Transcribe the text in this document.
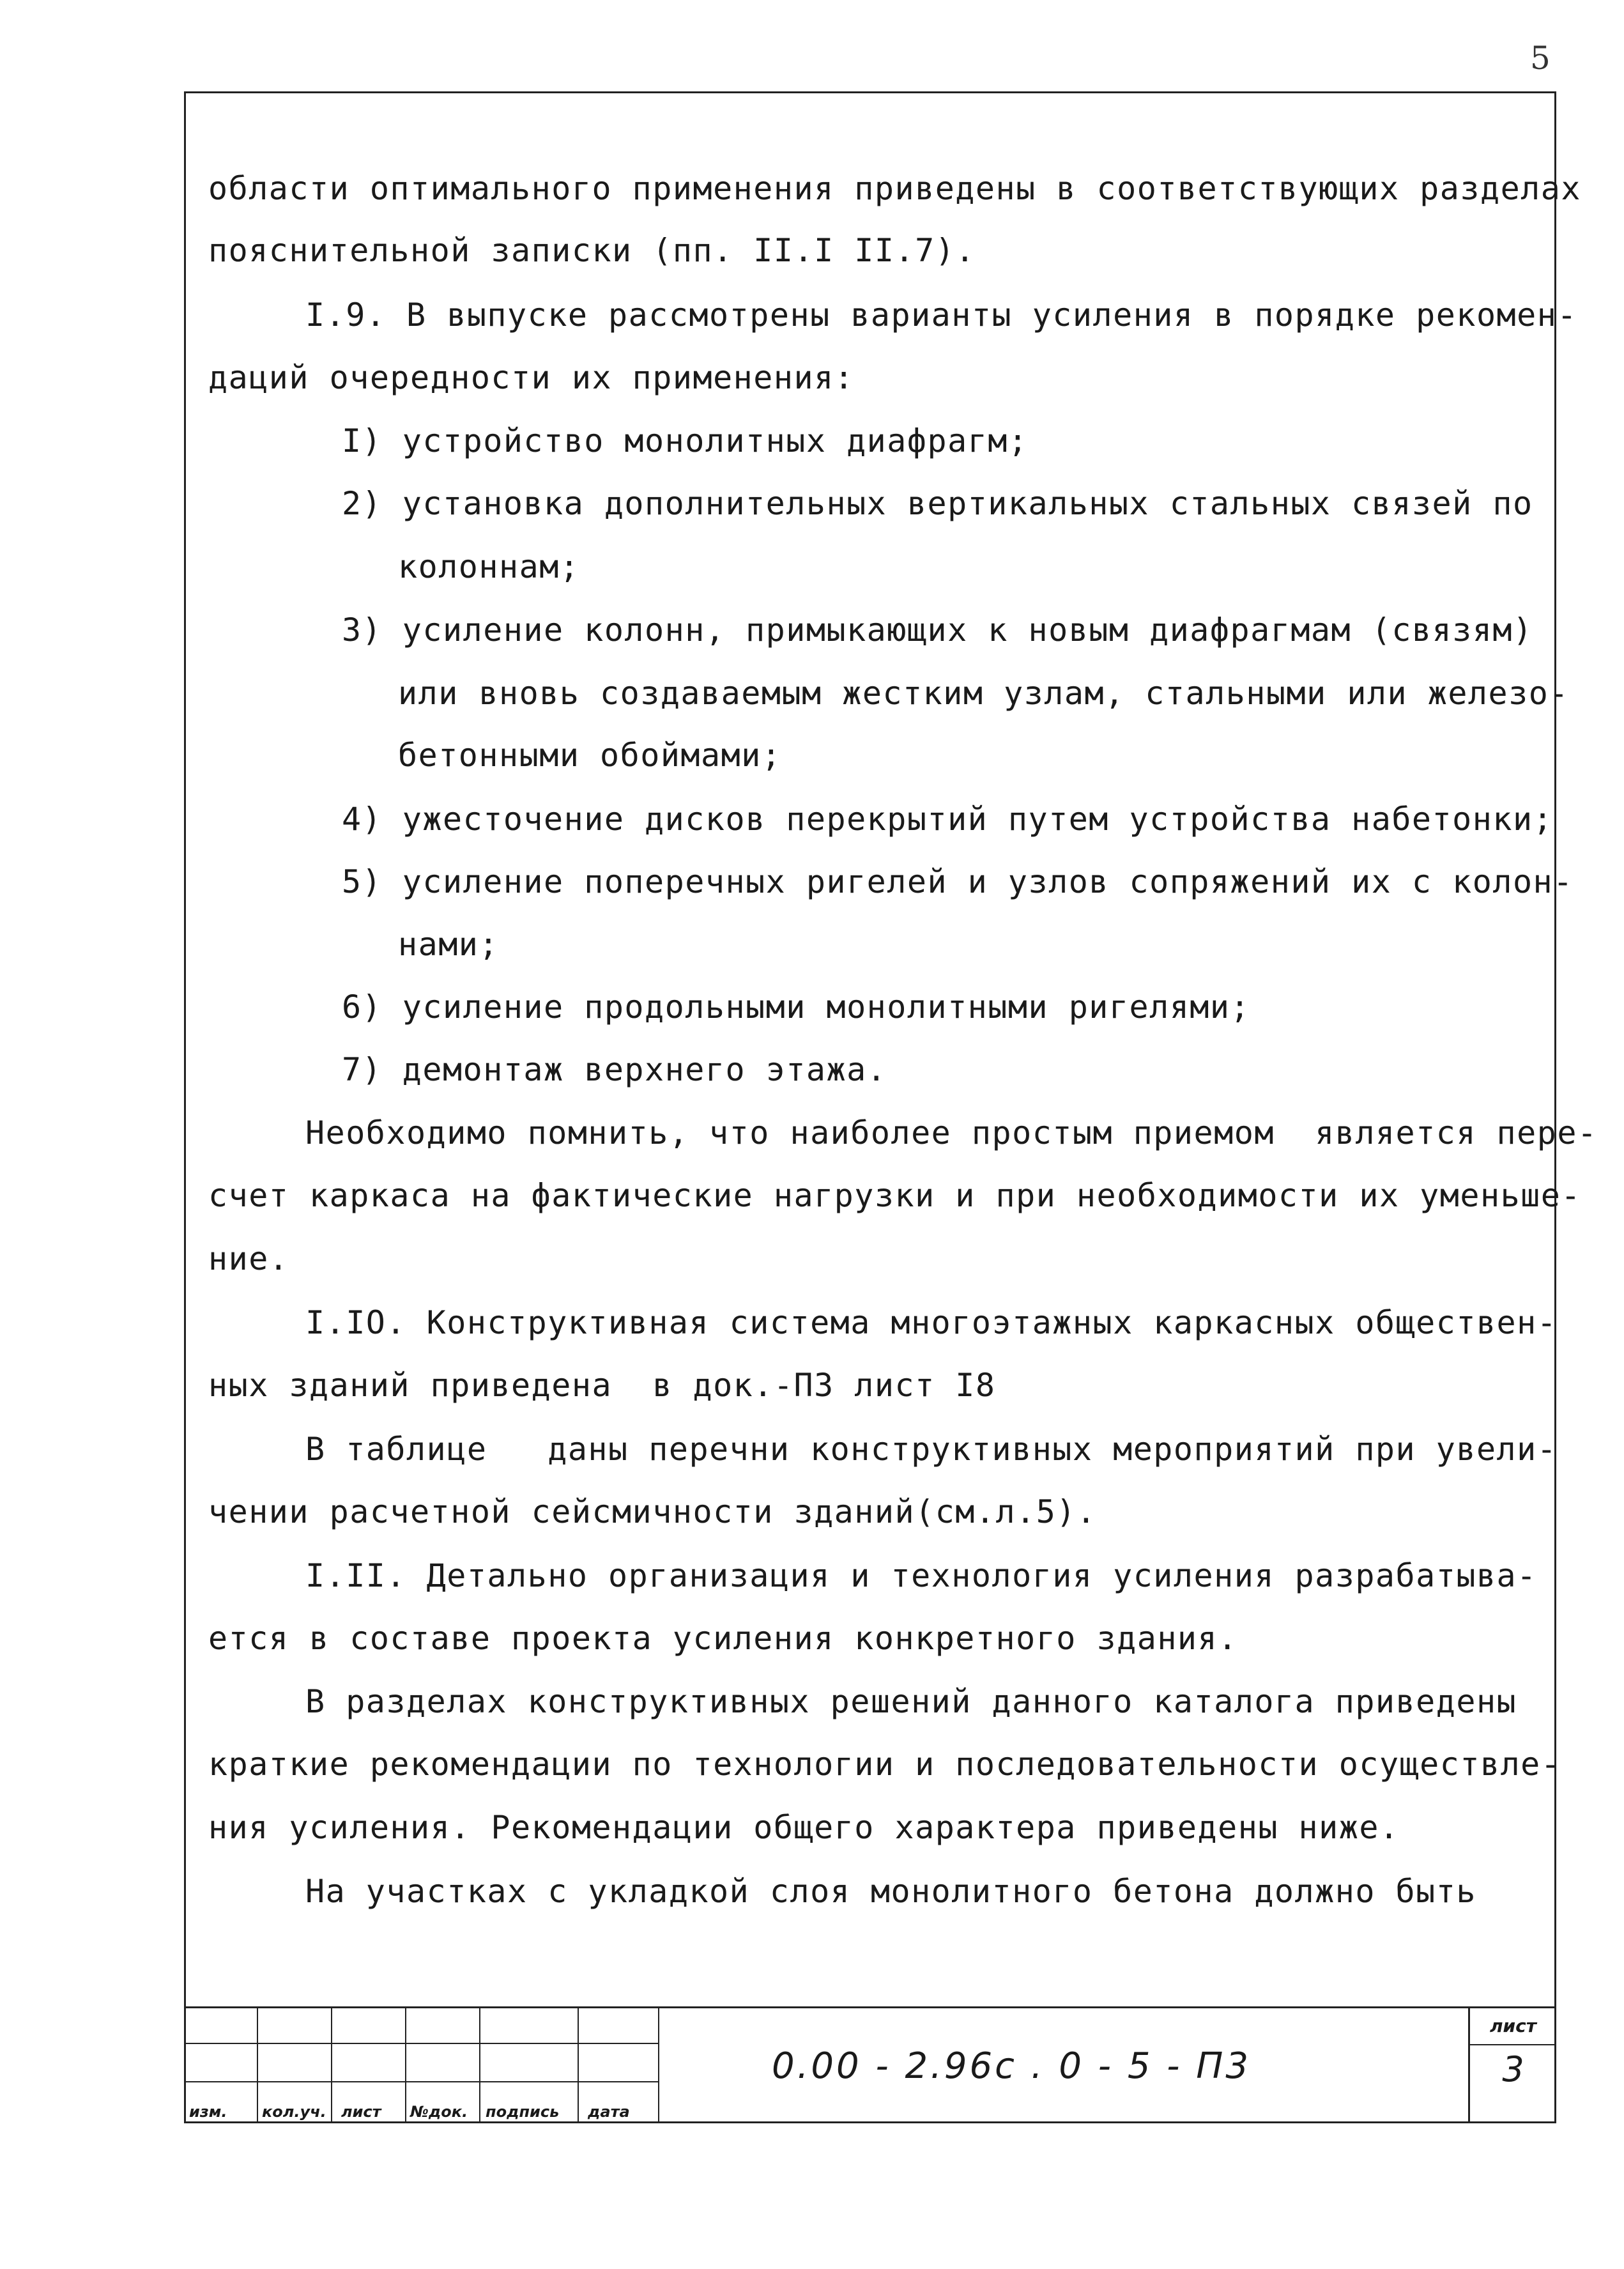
5
области оптимального применения приведены в соответствующих разделах
пояснительной записки (пп. II.I II.7).
I.9. В выпуске рассмотрены варианты усиления в порядке рекомен-
даций очередности их применения:
I) устройство монолитных диафрагм;
2) установка дополнительных вертикальных стальных связей по
колоннам;
3) усиление колонн, примыкающих к новым диафрагмам (связям)
или вновь создаваемым жестким узлам, стальными или железо-
бетонными обоймами;
4) ужесточение дисков перекрытий путем устройства набетонки;
5) усиление поперечных ригелей и узлов сопряжений их с колон-
нами;
6) усиление продольными монолитными ригелями;
7) демонтаж верхнего этажа.
Необходимо помнить, что наиболее простым приемом  является пере-
счет каркаса на фактические нагрузки и при необходимости их уменьше-
ние.
I.IO. Конструктивная система многоэтажных каркасных обществен-
ных зданий приведена  в док.-П3 лист I8
В таблице   даны перечни конструктивных мероприятий при увели-
чении расчетной сейсмичности зданий(см.л.5).
I.II. Детально организация и технология усиления разрабатыва-
ется в составе проекта усиления конкретного здания.
В разделах конструктивных решений данного каталога приведены
краткие рекомендации по технологии и последовательности осуществле-
ния усиления. Рекомендации общего характера приведены ниже.
На участках с укладкой слоя монолитного бетона должно быть
изм. кол.уч. лист №док. подпись дата
0.00 - 2.96с . 0 - 5 - П3
лист
3
